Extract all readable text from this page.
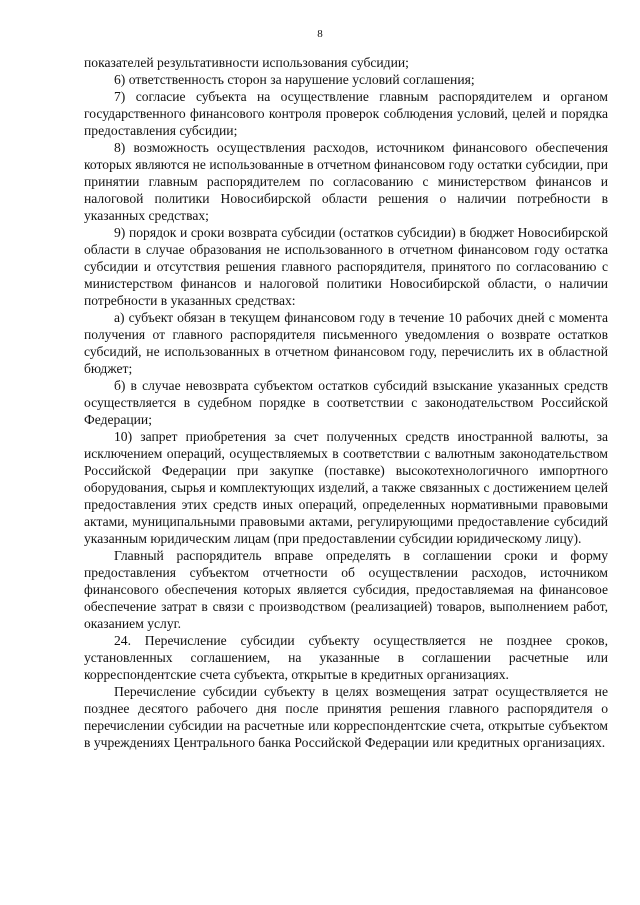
8

показателей результативности использования субсидии;

6) ответственность сторон за нарушение условий соглашения;

7) согласие субъекта на осуществление главным распорядителем и органом государственного финансового контроля проверок соблюдения условий, целей и порядка предоставления субсидии;

8) возможность осуществления расходов, источником финансового обеспечения которых являются не использованные в отчетном финансовом году остатки субсидии, при принятии главным распорядителем по согласованию с министерством финансов и налоговой политики Новосибирской области решения о наличии потребности в указанных средствах;

9) порядок и сроки возврата субсидии (остатков субсидии) в бюджет Новосибирской области в случае образования не использованного в отчетном финансовом году остатка субсидии и отсутствия решения главного распорядителя, принятого по согласованию с министерством финансов и налоговой политики Новосибирской области, о наличии потребности в указанных средствах:

а) субъект обязан в текущем финансовом году в течение 10 рабочих дней с момента получения от главного распорядителя письменного уведомления о возврате остатков субсидий, не использованных в отчетном финансовом году, перечислить их в областной бюджет;

б) в случае невозврата субъектом остатков субсидий взыскание указанных средств осуществляется в судебном порядке в соответствии с законодательством Российской Федерации;

10) запрет приобретения за счет полученных средств иностранной валюты, за исключением операций, осуществляемых в соответствии с валютным законодательством Российской Федерации при закупке (поставке) высокотехнологичного импортного оборудования, сырья и комплектующих изделий, а также связанных с достижением целей предоставления этих средств иных операций, определенных нормативными правовыми актами, муниципальными правовыми актами, регулирующими предоставление субсидий указанным юридическим лицам (при предоставлении субсидии юридическому лицу).

Главный распорядитель вправе определять в соглашении сроки и форму предоставления субъектом отчетности об осуществлении расходов, источником финансового обеспечения которых является субсидия, предоставляемая на финансовое обеспечение затрат в связи с производством (реализацией) товаров, выполнением работ, оказанием услуг.

24. Перечисление субсидии субъекту осуществляется не позднее сроков, установленных соглашением, на указанные в соглашении расчетные или корреспондентские счета субъекта, открытые в кредитных организациях.

Перечисление субсидии субъекту в целях возмещения затрат осуществляется не позднее десятого рабочего дня после принятия решения главного распорядителя о перечислении субсидии на расчетные или корреспондентские счета, открытые субъектом в учреждениях Центрального банка Российской Федерации или кредитных организациях.
